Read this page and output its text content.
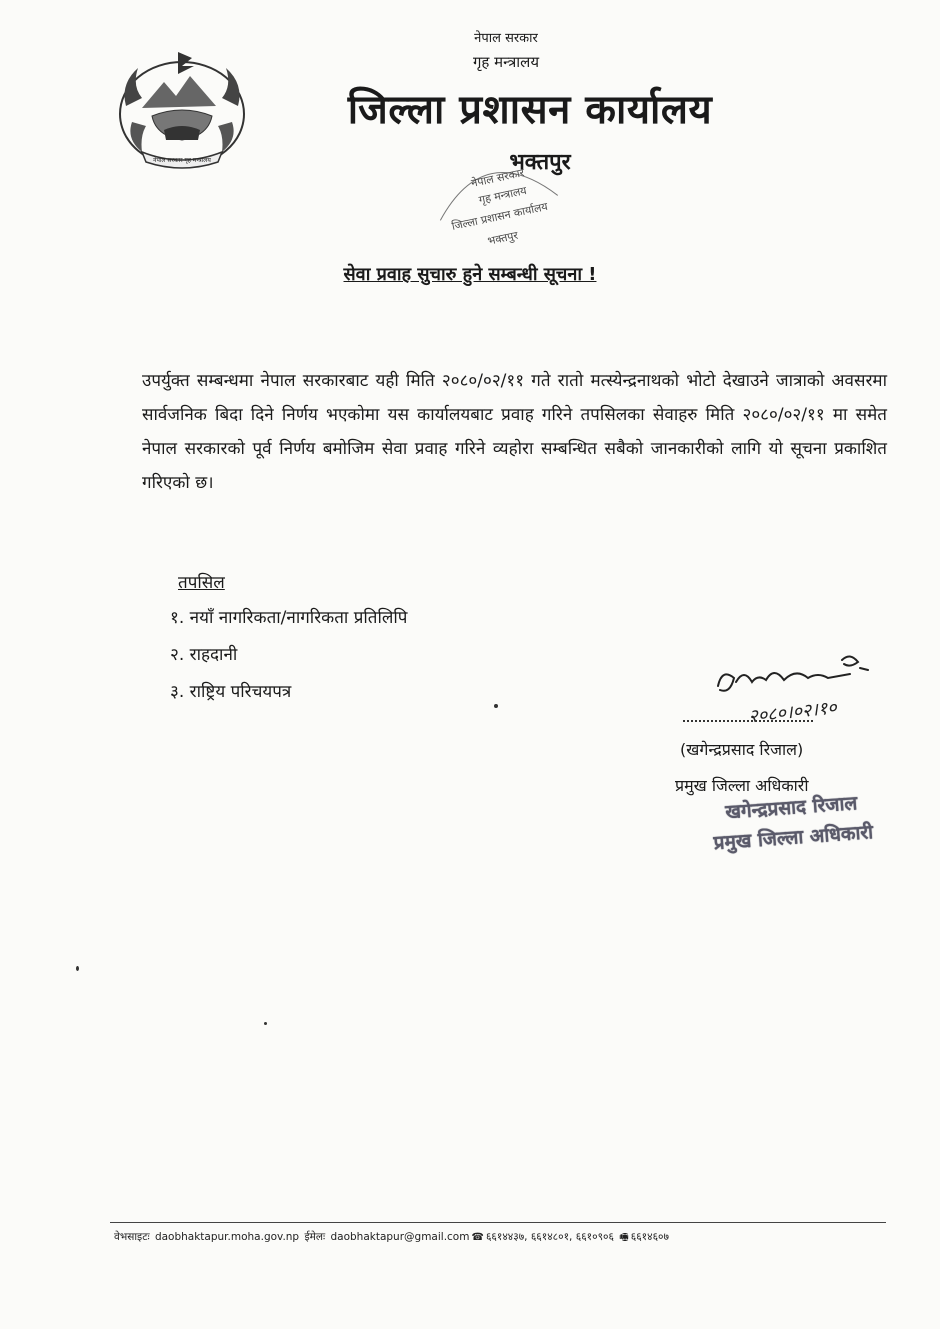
नेपाल सरकार गृह मन्त्रालय
नेपाल सरकार
गृह मन्त्रालय
जिल्ला प्रशासन कार्यालय
भक्तपुर
नेपाल सरकार
गृह मन्त्रालय
जिल्ला प्रशासन कार्यालय
भक्तपुर
सेवा प्रवाह सुचारु हुने सम्बन्धी सूचना !
उपर्युक्त सम्बन्धमा नेपाल सरकारबाट यही मिति २०८०/०२/११ गते रातो मत्स्येन्द्रनाथको भोटो देखाउने जात्राको अवसरमा सार्वजनिक बिदा दिने निर्णय भएकोमा यस कार्यालयबाट प्रवाह गरिने तपसिलका सेवाहरु मिति २०८०/०२/११ मा समेत नेपाल सरकारको पूर्व निर्णय बमोजिम सेवा प्रवाह गरिने व्यहोरा सम्बन्धित सबैको जानकारीको लागि यो सूचना प्रकाशित गरिएको छ।
तपसिल
१. नयाँ नागरिकता/नागरिकता प्रतिलिपि
२. राहदानी
३. राष्ट्रिय परिचयपत्र
२०८०।०२।१०
(खगेन्द्रप्रसाद रिजाल)
प्रमुख जिल्ला अधिकारी
खगेन्द्रप्रसाद रिजाल
प्रमुख जिल्ला अधिकारी
वेभसाइटः daobhaktapur.moha.gov.np ईमेलः daobhaktapur@gmail.com ☎ ६६१४४३७, ६६१४८०१, ६६१०९०६ 🖷 ६६१४६०७
